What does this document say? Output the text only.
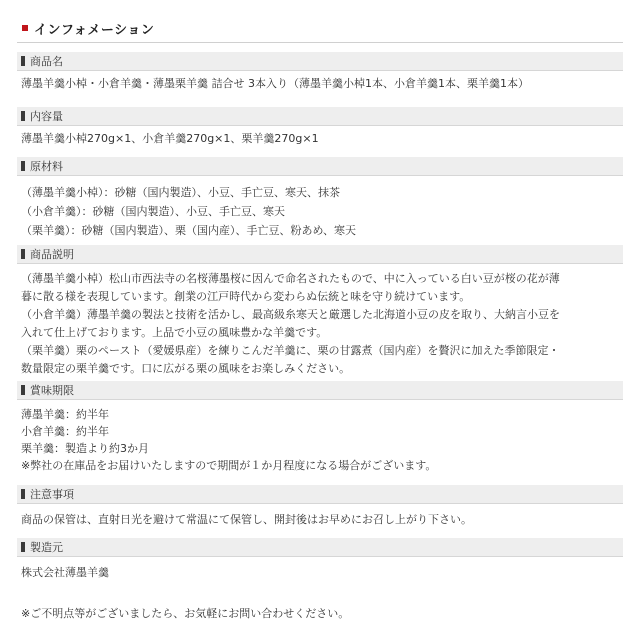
インフォメーション
商品名
薄墨羊羹小棹・小倉羊羹・薄墨栗羊羹 詰合せ 3本入り（薄墨羊羹小棹1本、小倉羊羹1本、栗羊羹1本）
内容量
薄墨羊羹小棹270g×1、小倉羊羹270g×1、栗羊羹270g×1
原材料
（薄墨羊羹小棹）：砂糖（国内製造）、小豆、手亡豆、寒天、抹茶
（小倉羊羹）：砂糖（国内製造）、小豆、手亡豆、寒天
（栗羊羹）：砂糖（国内製造）、栗（国内産）、手亡豆、粉あめ、寒天
商品説明
（薄墨羊羹小棹）松山市西法寺の名桜薄墨桜に因んで命名されたもので、中に入っている白い豆が桜の花が薄
暮に散る様を表現しています。創業の江戸時代から変わらぬ伝統と味を守り続けています。
（小倉羊羹）薄墨羊羹の製法と技術を活かし、最高級糸寒天と厳選した北海道小豆の皮を取り、大納言小豆を
入れて仕上げております。上品で小豆の風味豊かな羊羹です。
（栗羊羹）栗のペースト（愛媛県産）を練りこんだ羊羹に、栗の甘露煮（国内産）を贅沢に加えた季節限定・
数量限定の栗羊羹です。口に広がる栗の風味をお楽しみください。
賞味期限
薄墨羊羹：約半年
小倉羊羹：約半年
栗羊羹：製造より約3か月
※弊社の在庫品をお届けいたしますので期間が１か月程度になる場合がございます。
注意事項
商品の保管は、直射日光を避けて常温にて保管し、開封後はお早めにお召し上がり下さい。
製造元
株式会社薄墨羊羹
※ご不明点等がございましたら、お気軽にお問い合わせください。
